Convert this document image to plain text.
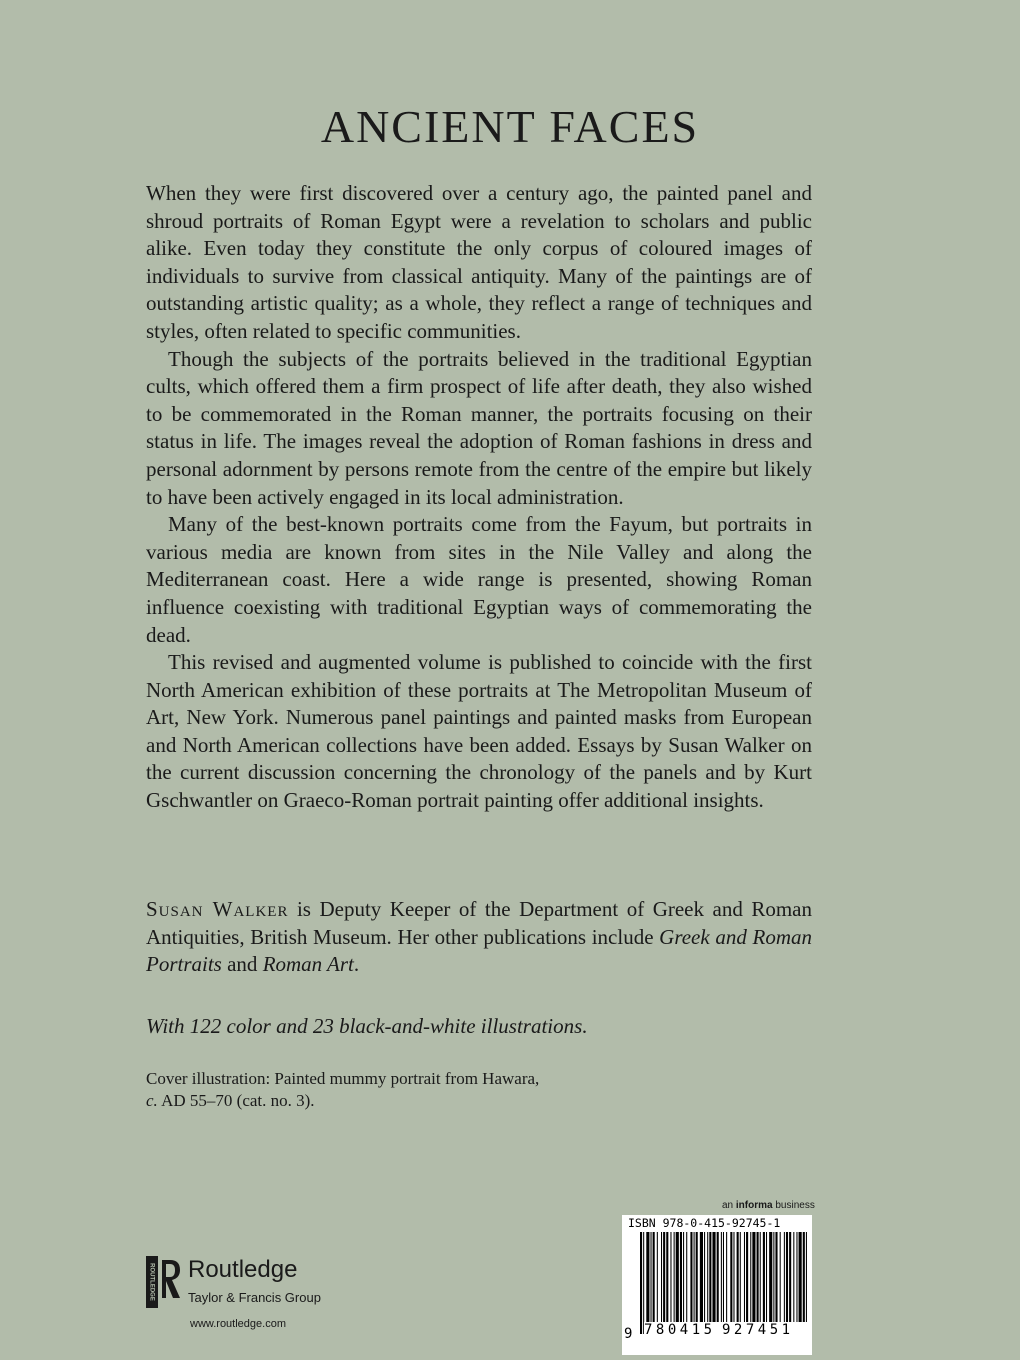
ANCIENT FACES

When they were first discovered over a century ago, the painted panel and shroud portraits of Roman Egypt were a revelation to scholars and public alike. Even today they constitute the only corpus of coloured images of individuals to survive from classical antiquity. Many of the paintings are of outstanding artistic quality; as a whole, they reflect a range of techniques and styles, often related to specific communities.

Though the subjects of the portraits believed in the traditional Egyptian cults, which offered them a firm prospect of life after death, they also wished to be commemorated in the Roman manner, the portraits focusing on their status in life. The images reveal the adoption of Roman fashions in dress and personal adornment by persons remote from the centre of the empire but likely to have been actively engaged in its local administration.

Many of the best-known portraits come from the Fayum, but portraits in various media are known from sites in the Nile Valley and along the Mediterranean coast. Here a wide range is presented, showing Roman influence coexisting with traditional Egyptian ways of commemorating the dead.

This revised and augmented volume is published to coincide with the first North American exhibition of these portraits at The Metropolitan Museum of Art, New York. Numerous panel paintings and painted masks from European and North American collections have been added. Essays by Susan Walker on the current discussion concerning the chronology of the panels and by Kurt Gschwantler on Graeco-Roman portrait painting offer additional insights.

Susan Walker is Deputy Keeper of the Department of Greek and Roman Antiquities, British Museum. Her other publications include Greek and Roman Portraits and Roman Art.

With 122 color and 23 black-and-white illustrations.

Cover illustration: Painted mummy portrait from Hawara,
c. AD 55–70 (cat. no. 3).

ROUTLEDGE Routledge
Taylor & Francis Group
www.routledge.com
an informa business
ISBN 978-0-415-92745-1
9 780415 927451
